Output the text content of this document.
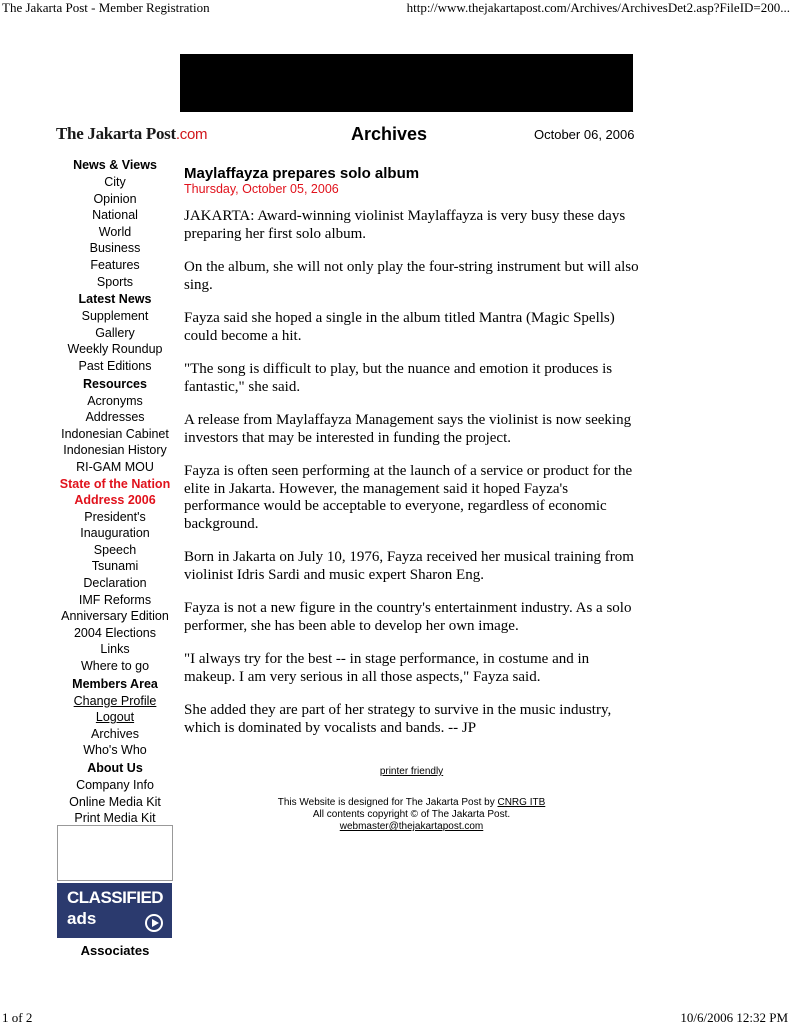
The Jakarta Post - Member Registration	http://www.thejakartapost.com/Archives/ArchivesDet2.asp?FileID=200...
The Jakarta Post.com	Archives	October 06, 2006
News & Views
City
Opinion
National
World
Business
Features
Sports
Latest News
Supplement
Gallery
Weekly Roundup
Past Editions
Resources
Acronyms
Addresses
Indonesian Cabinet
Indonesian History
RI-GAM MOU
State of the Nation
Address 2006
President's
Inauguration
Speech
Tsunami
Declaration
IMF Reforms
Anniversary Edition
2004 Elections
Links
Where to go
Members Area
Change Profile
Logout
Archives
Who's Who
About Us
Company Info
Online Media Kit
Print Media Kit
CLASSIFIED
ads
Associates
Maylaffayza prepares solo album
Thursday, October 05, 2006

JAKARTA: Award-winning violinist Maylaffayza is very busy these days preparing her first solo album.

On the album, she will not only play the four-string instrument but will also sing.

Fayza said she hoped a single in the album titled Mantra (Magic Spells) could become a hit.

"The song is difficult to play, but the nuance and emotion it produces is fantastic," she said.

A release from Maylaffayza Management says the violinist is now seeking investors that may be interested in funding the project.

Fayza is often seen performing at the launch of a service or product for the elite in Jakarta. However, the management said it hoped Fayza's performance would be acceptable to everyone, regardless of economic background.

Born in Jakarta on July 10, 1976, Fayza received her musical training from violinist Idris Sardi and music expert Sharon Eng.

Fayza is not a new figure in the country's entertainment industry. As a solo performer, she has been able to develop her own image.

"I always try for the best -- in stage performance, in costume and in makeup. I am very serious in all those aspects," Fayza said.

She added they are part of her strategy to survive in the music industry, which is dominated by vocalists and bands. -- JP

printer friendly
This Website is designed for The Jakarta Post by CNRG ITB
All contents copyright © of The Jakarta Post.
webmaster@thejakartapost.com
1 of 2	10/6/2006 12:32 PM
